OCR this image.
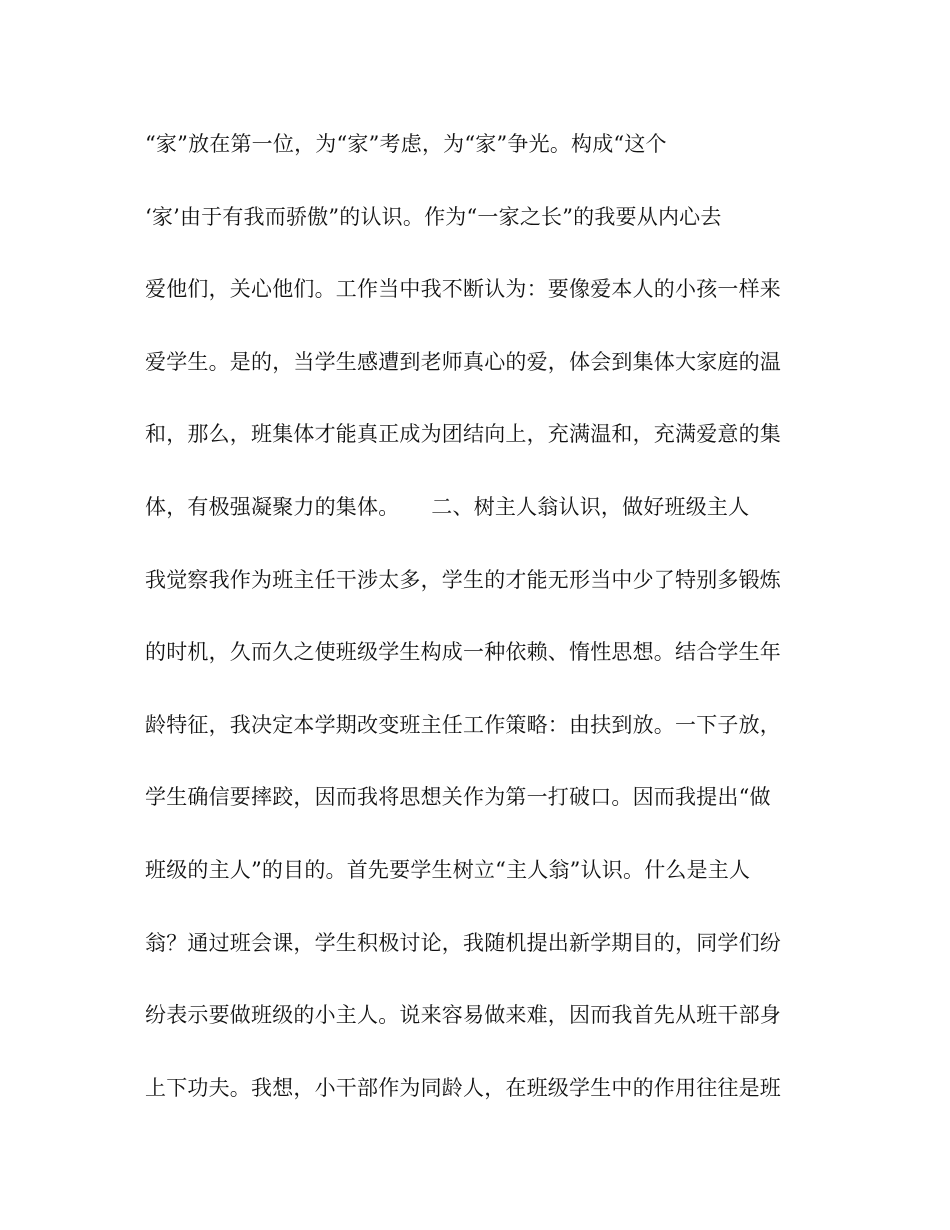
“家”放在第一位，为“家”考虑，为“家”争光。构成“这个
‘家’由于有我而骄傲”的认识。作为“一家之长”的我要从内心去
爱他们，关心他们。工作当中我不断认为：要像爱本人的小孩一样来
爱学生。是的，当学生感遭到老师真心的爱，体会到集体大家庭的温
和，那么，班集体才能真正成为团结向上，充满温和，充满爱意的集
体，有极强凝聚力的集体。　　二、树主人翁认识，做好班级主人
我觉察我作为班主任干涉太多，学生的才能无形当中少了特别多锻炼
的时机，久而久之使班级学生构成一种依赖、惰性思想。结合学生年
龄特征，我决定本学期改变班主任工作策略：由扶到放。一下子放，
学生确信要摔跤，因而我将思想关作为第一打破口。因而我提出“做
班级的主人”的目的。首先要学生树立“主人翁”认识。什么是主人
翁？通过班会课，学生积极讨论，我随机提出新学期目的，同学们纷
纷表示要做班级的小主人。说来容易做来难，因而我首先从班干部身
上下功夫。我想，小干部作为同龄人，在班级学生中的作用往往是班
